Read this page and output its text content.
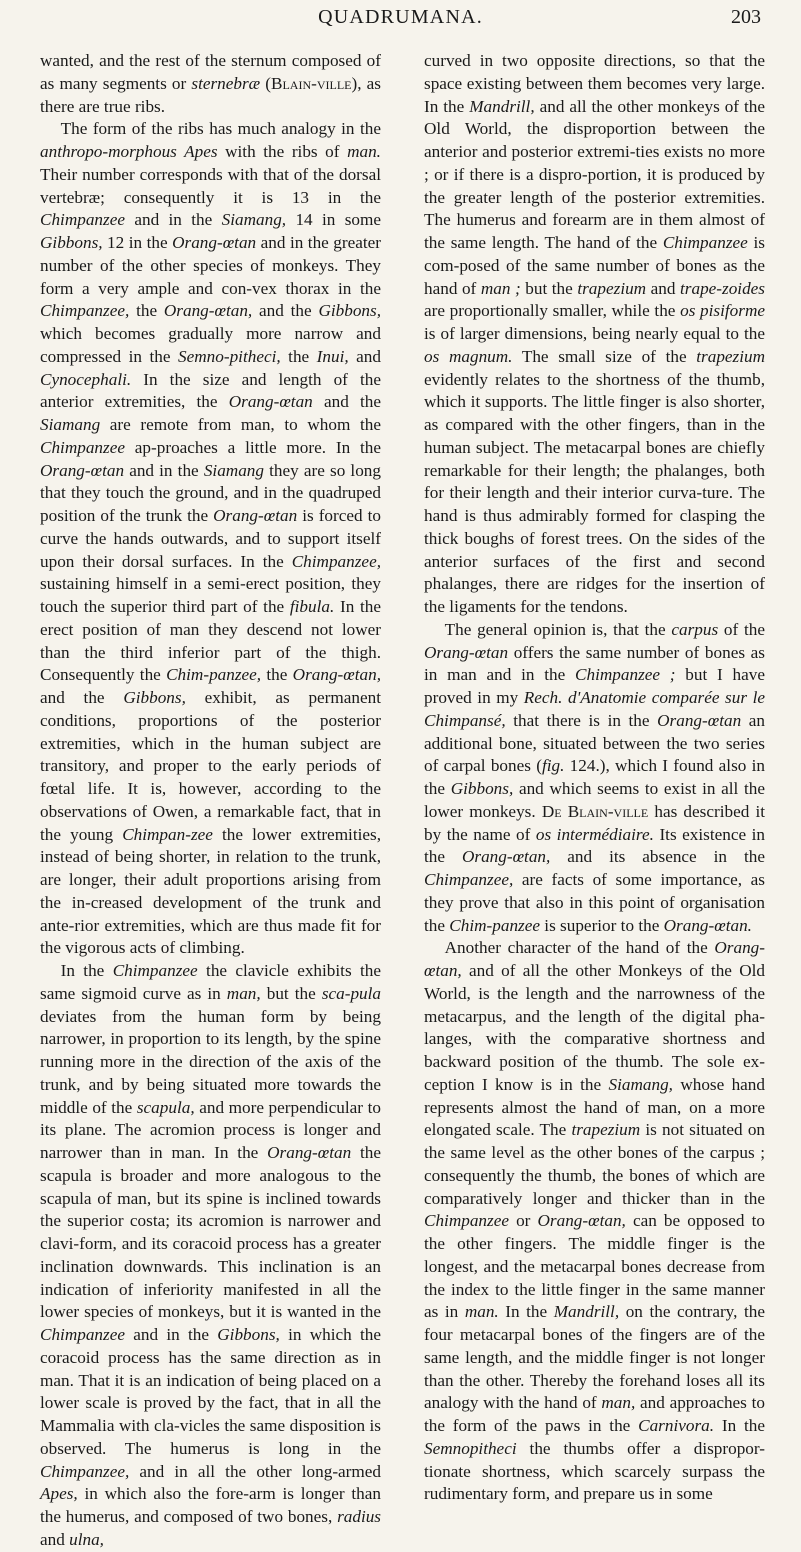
QUADRUMANA.	203

wanted, and the rest of the sternum composed of as many segments or sternebræ (Blain-ville), as there are true ribs.

The form of the ribs has much analogy in the anthropo-morphous Apes with the ribs of man. Their number corresponds with that of the dorsal vertebræ; consequently it is 13 in the Chimpanzee and in the Siamang, 14 in some Gibbons, 12 in the Orang-œtan and in the greater number of the other species of monkeys. They form a very ample and con-vex thorax in the Chimpanzee, the Orang-œtan, and the Gibbons, which becomes gradually more narrow and compressed in the Semno-pitheci, the Inui, and Cynocephali. In the size and length of the anterior extremities, the Orang-œtan and the Siamang are remote from man, to whom the Chimpanzee ap-proaches a little more. In the Orang-œtan and in the Siamang they are so long that they touch the ground, and in the quadruped position of the trunk the Orang-œtan is forced to curve the hands outwards, and to support itself upon their dorsal surfaces. In the Chimpanzee, sustaining himself in a semi-erect position, they touch the superior third part of the fibula. In the erect position of man they descend not lower than the third inferior part of the thigh. Consequently the Chim-panzee, the Orang-œtan, and the Gibbons, exhibit, as permanent conditions, proportions of the posterior extremities, which in the human subject are transitory, and proper to the early periods of fœtal life. It is, however, according to the observations of Owen, a remarkable fact, that in the young Chimpan-zee the lower extremities, instead of being shorter, in relation to the trunk, are longer, their adult proportions arising from the in-creased development of the trunk and ante-rior extremities, which are thus made fit for the vigorous acts of climbing.

In the Chimpanzee the clavicle exhibits the same sigmoid curve as in man, but the sca-pula deviates from the human form by being narrower, in proportion to its length, by the spine running more in the direction of the axis of the trunk, and by being situated more towards the middle of the scapula, and more perpendicular to its plane. The acromion process is longer and narrower than in man. In the Orang-œtan the scapula is broader and more analogous to the scapula of man, but its spine is inclined towards the superior costa; its acromion is narrower and clavi-form, and its coracoid process has a greater inclination downwards. This inclination is an indication of inferiority manifested in all the lower species of monkeys, but it is wanted in the Chimpanzee and in the Gibbons, in which the coracoid process has the same direction as in man. That it is an indication of being placed on a lower scale is proved by the fact, that in all the Mammalia with cla-vicles the same disposition is observed. The humerus is long in the Chimpanzee, and in all the other long-armed Apes, in which also the fore-arm is longer than the humerus, and composed of two bones, radius and ulna,

curved in two opposite directions, so that the space existing between them becomes very large. In the Mandrill, and all the other monkeys of the Old World, the disproportion between the anterior and posterior extremi-ties exists no more ; or if there is a dispro-portion, it is produced by the greater length of the posterior extremities. The humerus and forearm are in them almost of the same length. The hand of the Chimpanzee is com-posed of the same number of bones as the hand of man ; but the trapezium and trape-zoides are proportionally smaller, while the os pisiforme is of larger dimensions, being nearly equal to the os magnum. The small size of the trapezium evidently relates to the shortness of the thumb, which it supports. The little finger is also shorter, as compared with the other fingers, than in the human subject. The metacarpal bones are chiefly remarkable for their length; the phalanges, both for their length and their interior curva-ture. The hand is thus admirably formed for clasping the thick boughs of forest trees. On the sides of the anterior surfaces of the first and second phalanges, there are ridges for the insertion of the ligaments for the tendons.

The general opinion is, that the carpus of the Orang-œtan offers the same number of bones as in man and in the Chimpanzee ; but I have proved in my Rech. d'Anatomie comparée sur le Chimpansé, that there is in the Orang-œtan an additional bone, situated between the two series of carpal bones (fig. 124.), which I found also in the Gibbons, and which seems to exist in all the lower monkeys. De Blain-ville has described it by the name of os intermédiaire. Its existence in the Orang-œtan, and its absence in the Chimpanzee, are facts of some importance, as they prove that also in this point of organisation the Chim-panzee is superior to the Orang-œtan.

Another character of the hand of the Orang-œtan, and of all the other Monkeys of the Old World, is the length and the narrowness of the metacarpus, and the length of the digital pha-langes, with the comparative shortness and backward position of the thumb. The sole ex-ception I know is in the Siamang, whose hand represents almost the hand of man, on a more elongated scale. The trapezium is not situated on the same level as the other bones of the carpus ; consequently the thumb, the bones of which are comparatively longer and thicker than in the Chimpanzee or Orang-œtan, can be opposed to the other fingers. The middle finger is the longest, and the metacarpal bones decrease from the index to the little finger in the same manner as in man. In the Mandrill, on the contrary, the four metacarpal bones of the fingers are of the same length, and the middle finger is not longer than the other. Thereby the forehand loses all its analogy with the hand of man, and approaches to the form of the paws in the Carnivora. In the Semnopitheci the thumbs offer a dispropor-tionate shortness, which scarcely surpass the rudimentary form, and prepare us in some
